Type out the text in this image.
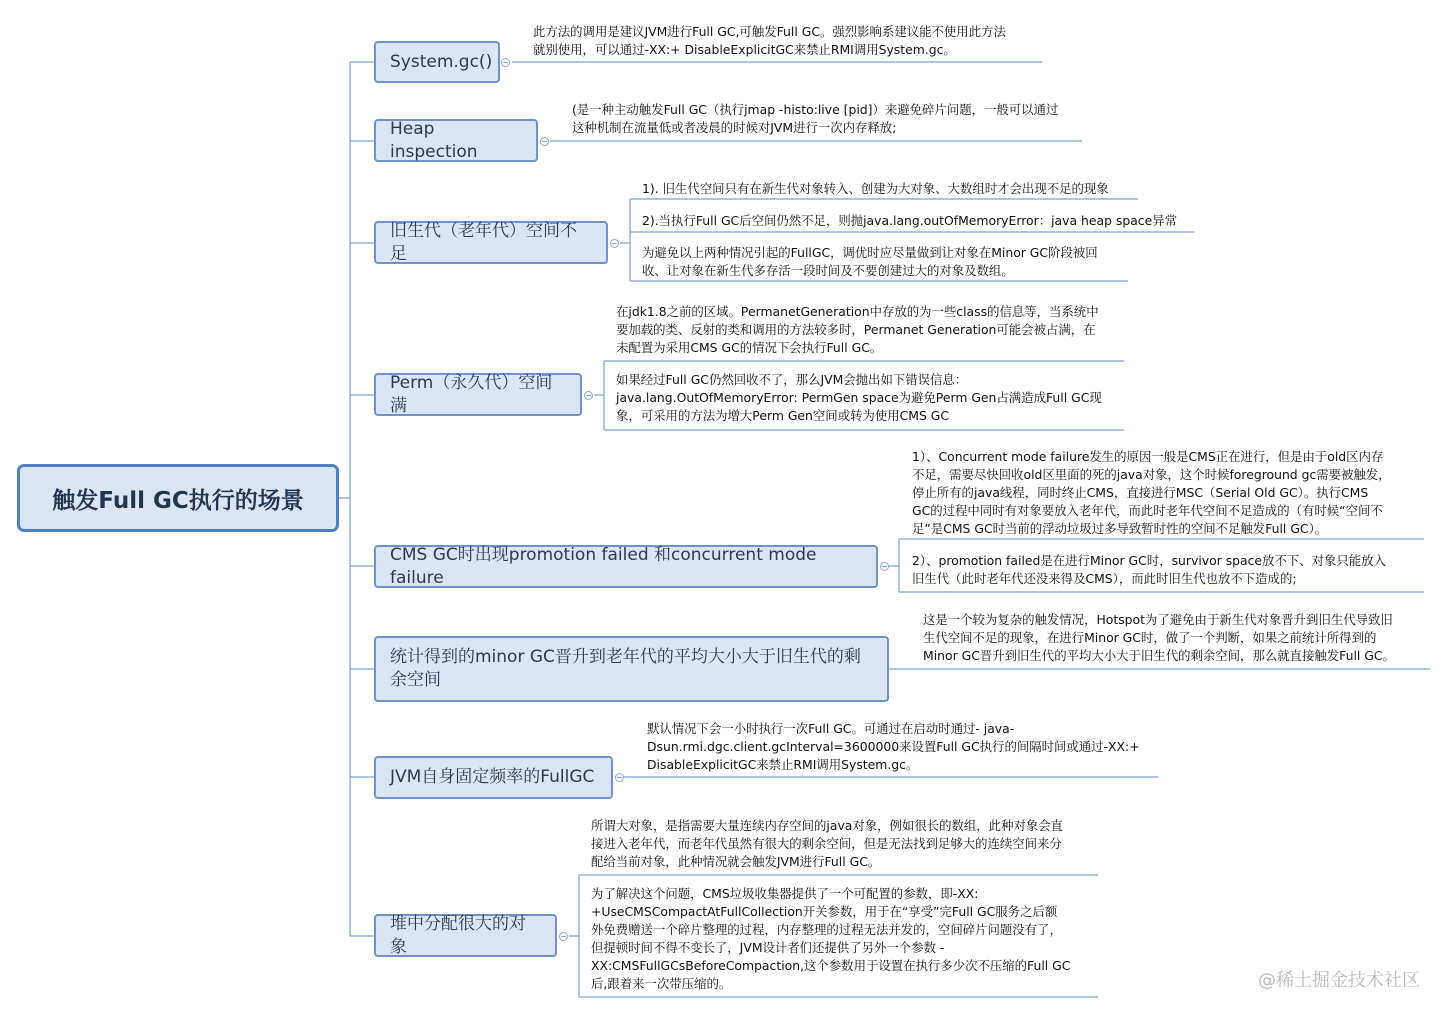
触发Full GC执行的场景
System.gc()
此方法的调用是建议JVM进行Full GC,可触发Full GC。强烈影响系建议能不使用此方法
就别使用，可以通过-XX:+ DisableExplicitGC来禁止RMI调用System.gc。
Heap inspection
(是一种主动触发Full GC（执行jmap -histo:live [pid]）来避免碎片问题，一般可以通过
这种机制在流量低或者凌晨的时候对JVM进行一次内存释放;
旧生代（老年代）空间不足
1). 旧生代空间只有在新生代对象转入、创建为大对象、大数组时才会出现不足的现象
2).当执行Full GC后空间仍然不足，则抛java.lang.outOfMemoryError：java heap space异常
为避免以上两种情况引起的FullGC，调优时应尽量做到让对象在Minor GC阶段被回
收、让对象在新生代多存活一段时间及不要创建过大的对象及数组。
Perm（永久代）空间满
在jdk1.8之前的区域。PermanetGeneration中存放的为一些class的信息等，当系统中
要加载的类、反射的类和调用的方法较多时，Permanet Generation可能会被占满，在
未配置为采用CMS GC的情况下会执行Full GC。
如果经过Full GC仍然回收不了，那么JVM会抛出如下错误信息：
java.lang.OutOfMemoryError: PermGen space为避免Perm Gen占满造成Full GC现
象，可采用的方法为增大Perm Gen空间或转为使用CMS GC
CMS GC时出现promotion failed 和concurrent mode failure
1）、Concurrent mode failure发生的原因一般是CMS正在进行，但是由于old区内存
不足，需要尽快回收old区里面的死的java对象，这个时候foreground gc需要被触发，
停止所有的java线程，同时终止CMS，直接进行MSC（Serial Old GC）。执行CMS
GC的过程中同时有对象要放入老年代，而此时老年代空间不足造成的（有时候“空间不
足”是CMS GC时当前的浮动垃圾过多导致暂时性的空间不足触发Full GC）。
2）、promotion failed是在进行Minor GC时，survivor space放不下、对象只能放入
旧生代（此时老年代还没来得及CMS），而此时旧生代也放不下造成的;
统计得到的minor GC晋升到老年代的平均大小大于旧生代的剩余空间
这是一个较为复杂的触发情况，Hotspot为了避免由于新生代对象晋升到旧生代导致旧
生代空间不足的现象，在进行Minor GC时，做了一个判断，如果之前统计所得到的
Minor GC晋升到旧生代的平均大小大于旧生代的剩余空间，那么就直接触发Full GC。
JVM自身固定频率的FullGC
默认情况下会一小时执行一次Full GC。可通过在启动时通过- java-
Dsun.rmi.dgc.client.gcInterval=3600000来设置Full GC执行的间隔时间或通过-XX:+
DisableExplicitGC来禁止RMI调用System.gc。
堆中分配很大的对象
所谓大对象，是指需要大量连续内存空间的java对象，例如很长的数组，此种对象会直
接进入老年代，而老年代虽然有很大的剩余空间，但是无法找到足够大的连续空间来分
配给当前对象，此种情况就会触发JVM进行Full GC。
为了解决这个问题，CMS垃圾收集器提供了一个可配置的参数，即-XX:
+UseCMSCompactAtFullCollection开关参数，用于在“享受”完Full GC服务之后额
外免费赠送一个碎片整理的过程，内存整理的过程无法并发的，空间碎片问题没有了，
但提顿时间不得不变长了，JVM设计者们还提供了另外一个参数 -
XX:CMSFullGCsBeforeCompaction,这个参数用于设置在执行多少次不压缩的Full GC
后,跟着来一次带压缩的。	@稀土掘金技术社区
